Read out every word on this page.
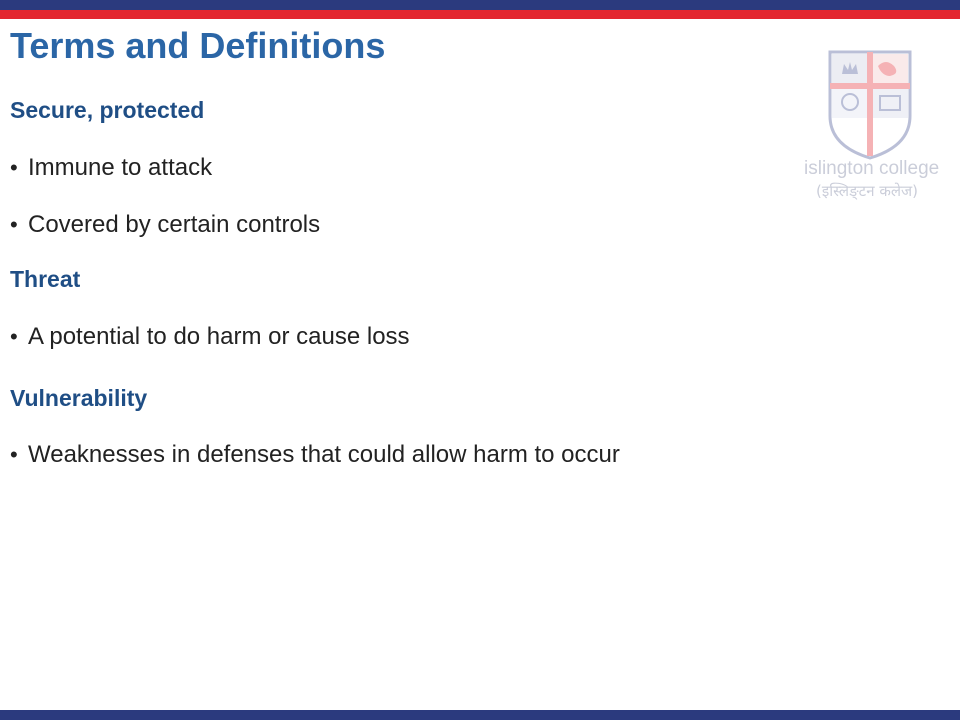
Terms and Definitions
Secure, protected

• Immune to attack

• Covered by certain controls

Threat

• A potential to do harm or cause loss

Vulnerability

• Weaknesses in defenses that could allow harm to occur

islington college
(इस्लिङ्टन कलेज)
